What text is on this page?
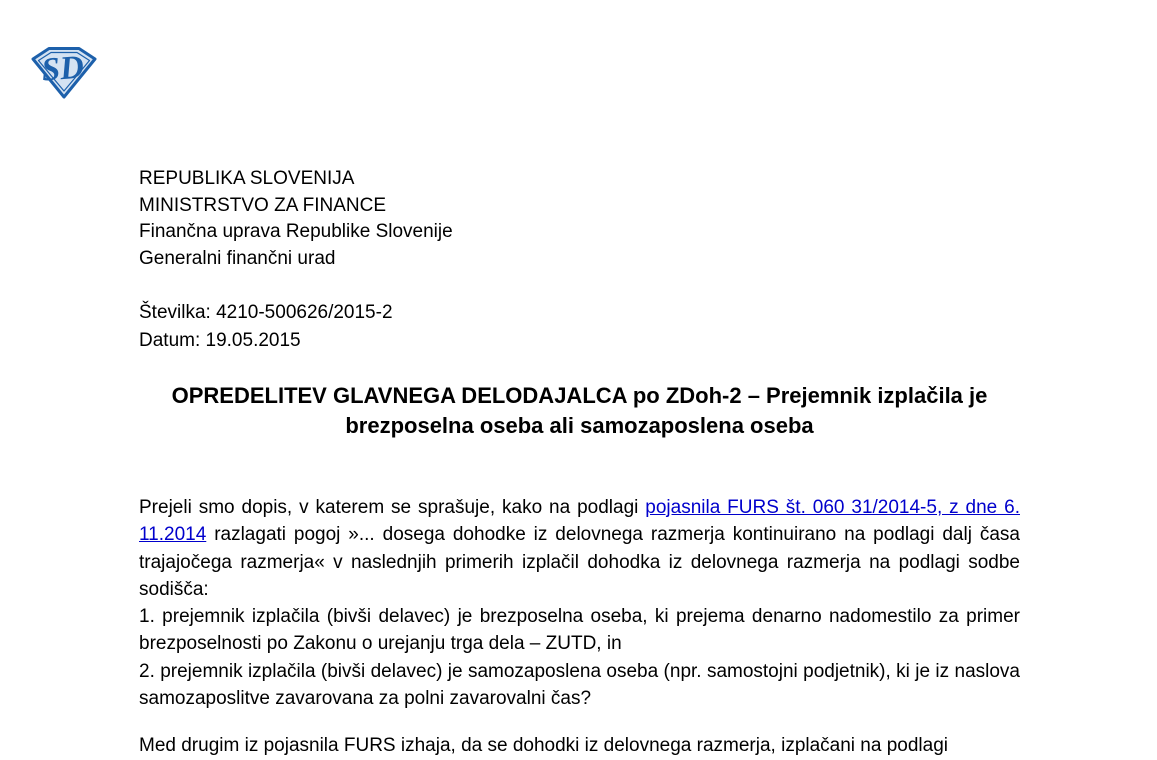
SD
REPUBLIKA SLOVENIJA
MINISTRSTVO ZA FINANCE
Finančna uprava Republike Slovenije
Generalni finančni urad
Številka: 4210-500626/2015-2
Datum: 19.05.2015
OPREDELITEV GLAVNEGA DELODAJALCA po ZDoh-2 – Prejemnik izplačila je brezposelna oseba ali samozaposlena oseba

Prejeli smo dopis, v katerem se sprašuje, kako na podlagi pojasnila FURS št. 060 31/2014-5, z dne 6. 11.2014 razlagati pogoj »... dosega dohodke iz delovnega razmerja kontinuirano na podlagi dalj časa trajajočega razmerja« v naslednjih primerih izplačil dohodka iz delovnega razmerja na podlagi sodbe sodišča:

1. prejemnik izplačila (bivši delavec) je brezposelna oseba, ki prejema denarno nadomestilo za primer brezposelnosti po Zakonu o urejanju trga dela – ZUTD, in

2. prejemnik izplačila (bivši delavec) je samozaposlena oseba (npr. samostojni podjetnik), ki je iz naslova samozaposlitve zavarovana za polni zavarovalni čas?

Med drugim iz pojasnila FURS izhaja, da se dohodki iz delovnega razmerja, izplačani na podlagi
